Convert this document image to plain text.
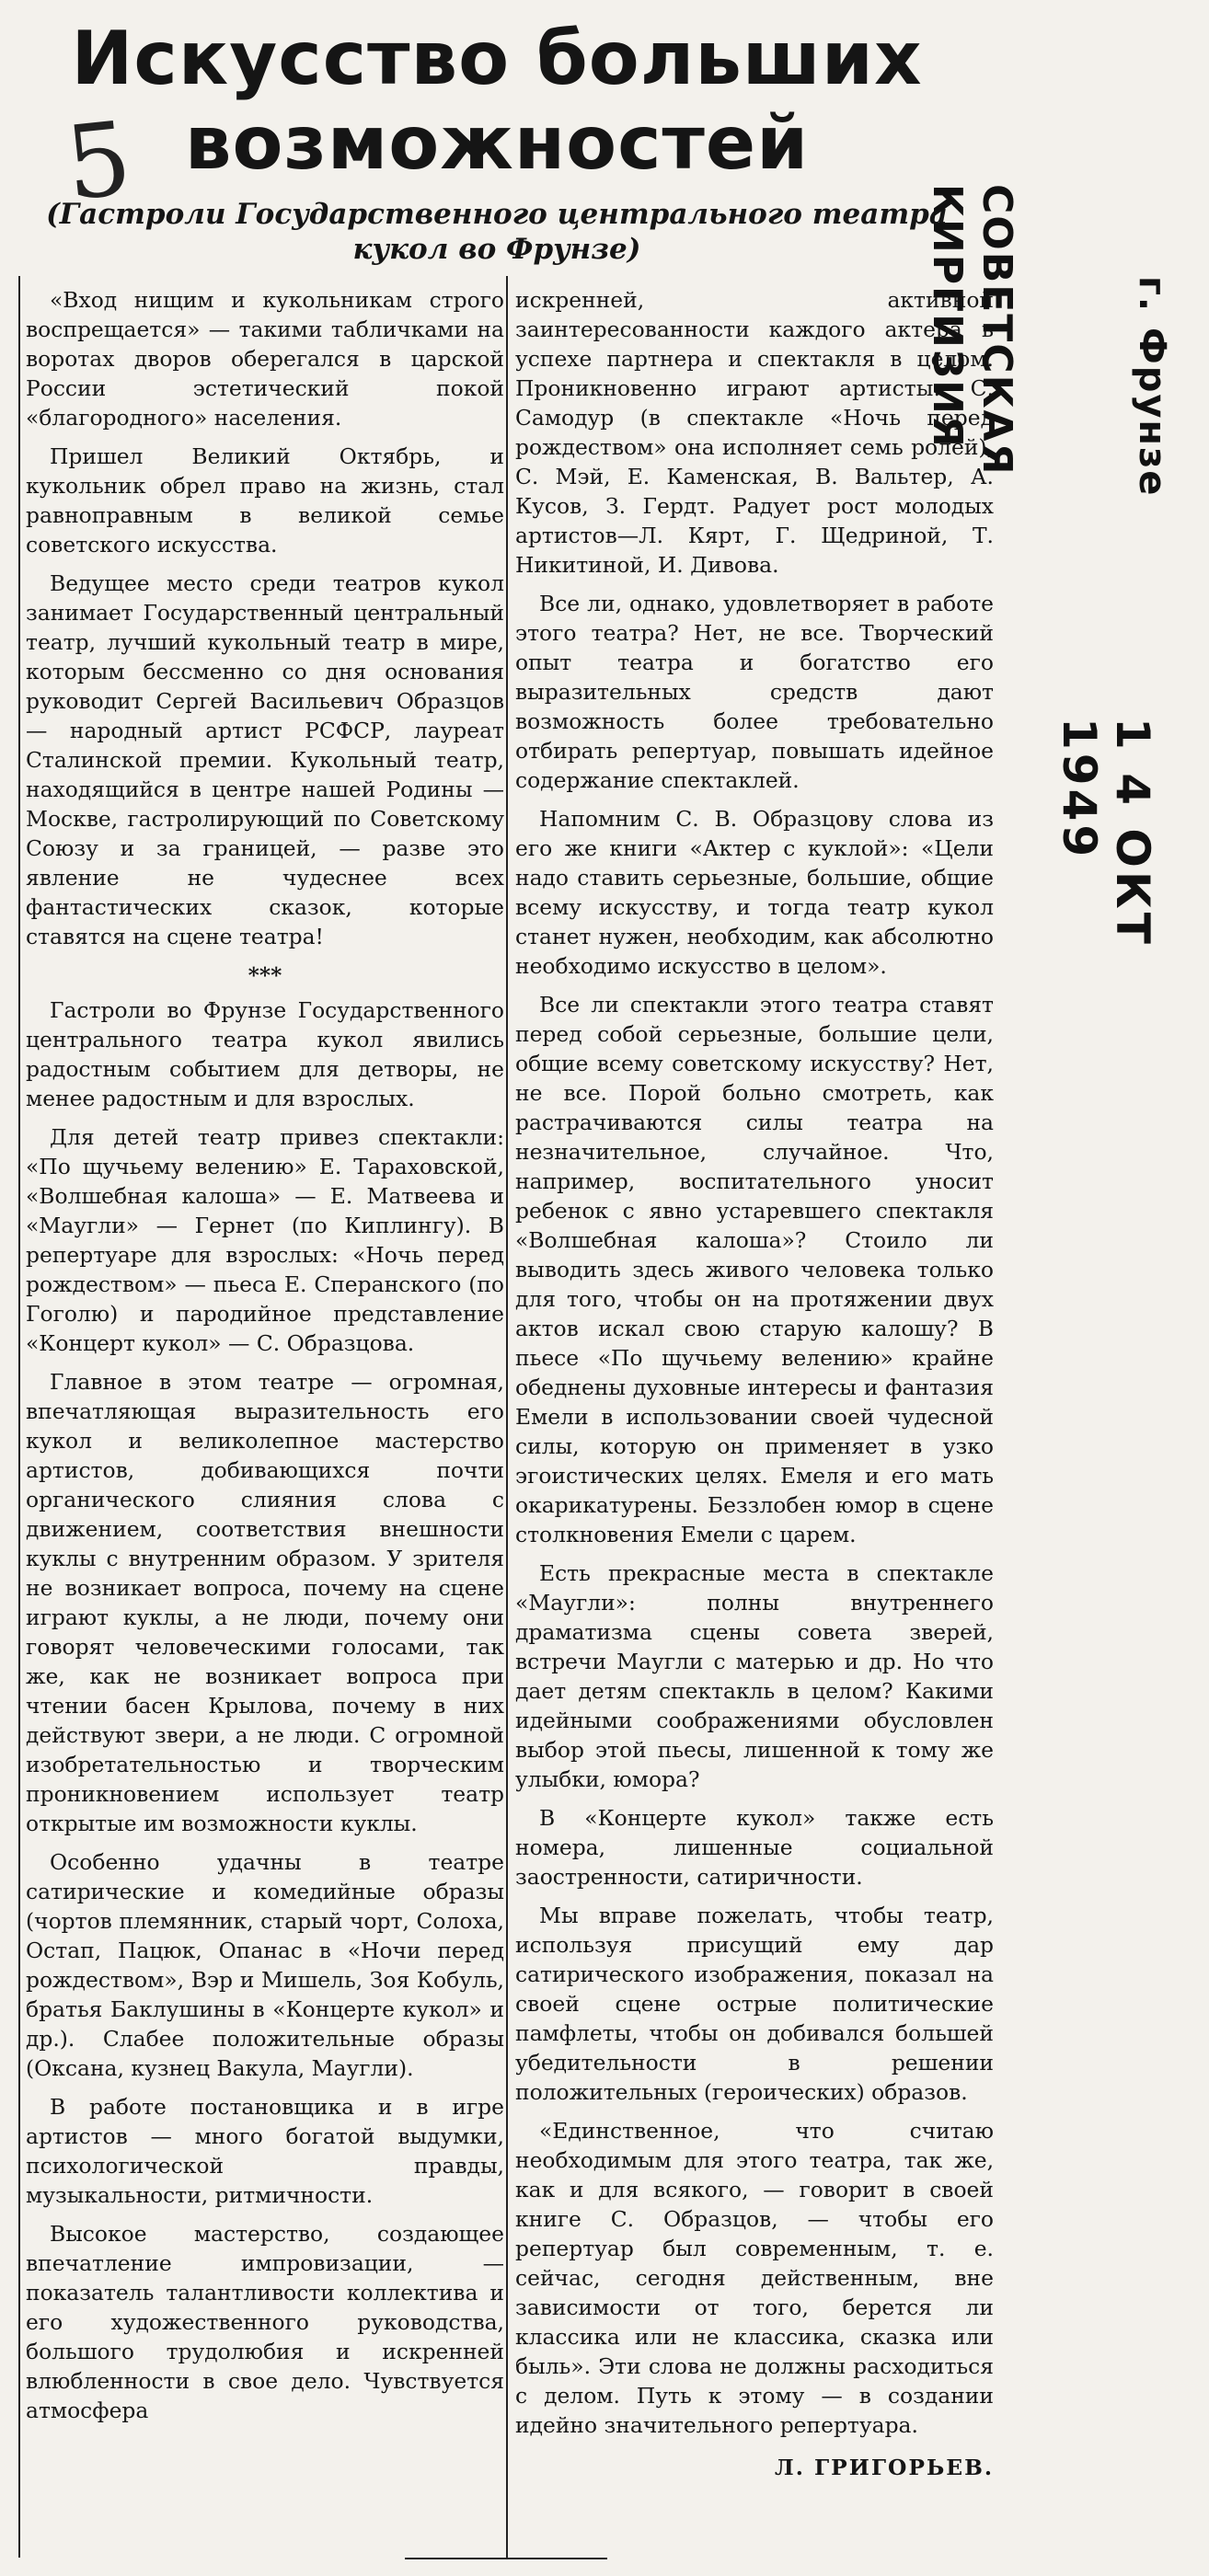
5
Искусство больших возможностей
(Гастроли Государственного центрального театра кукол во Фрунзе)

«Вход нищим и кукольникам строго воспрещается» — такими табличками на воротах дворов оберегался в царской России эстетический покой «благородного» населения.

Пришел Великий Октябрь, и кукольник обрел право на жизнь, стал равноправным в великой семье советского искусства.

Ведущее место среди театров кукол занимает Государственный центральный театр, лучший кукольный театр в мире, которым бессменно со дня основания руководит Сергей Васильевич Образцов — народный артист РСФСР, лауреат Сталинской премии. Кукольный театр, находящийся в центре нашей Родины — Москве, гастролирующий по Советскому Союзу и за границей, — разве это явление не чудеснее всех фантастических сказок, которые ставятся на сцене театра!

***

Гастроли во Фрунзе Государственного центрального театра кукол явились радостным событием для детворы, не менее радостным и для взрослых.

Для детей театр привез спектакли: «По щучьему велению» Е. Тараховской, «Волшебная калоша» — Е. Матвеева и «Маугли» — Гернет (по Киплингу). В репертуаре для взрослых: «Ночь перед рождеством» — пьеса Е. Сперанского (по Гоголю) и пародийное представление «Концерт кукол» — С. Образцова.

Главное в этом театре — огромная, впечатляющая выразительность его кукол и великолепное мастерство артистов, добивающихся почти органического слияния слова с движением, соответствия внешности куклы с внутренним образом. У зрителя не возникает вопроса, почему на сцене играют куклы, а не люди, почему они говорят человеческими голосами, так же, как не возникает вопроса при чтении басен Крылова, почему в них действуют звери, а не люди. С огромной изобретательностью и творческим проникновением использует театр открытые им возможности куклы.

Особенно удачны в театре сатирические и комедийные образы (чортов племянник, старый чорт, Солоха, Остап, Пацюк, Опанас в «Ночи перед рождеством», Вэр и Мишель, Зоя Кобуль, братья Баклушины в «Концерте кукол» и др.). Слабее положительные образы (Оксана, кузнец Вакула, Маугли).

В работе постановщика и в игре артистов — много богатой выдумки, психологической правды, музыкальности, ритмичности.

Высокое мастерство, создающее впечатление импровизации, — показатель талантливости коллектива и его художественного руководства, большого трудолюбия и искренней влюбленности в свое дело. Чувствуется атмосфера

искренней, активной заинтересованности каждого актера в успехе партнера и спектакля в целом. Проникновенно играют артисты: С. Самодур (в спектакле «Ночь перед рождеством» она исполняет семь ролей), С. Мэй, Е. Каменская, В. Вальтер, А. Кусов, З. Гердт. Радует рост молодых артистов—Л. Кярт, Г. Щедриной, Т. Никитиной, И. Дивова.

Все ли, однако, удовлетворяет в работе этого театра? Нет, не все. Творческий опыт театра и богатство его выразительных средств дают возможность более требовательно отбирать репертуар, повышать идейное содержание спектаклей.

Напомним С. В. Образцову слова из его же книги «Актер с куклой»: «Цели надо ставить серьезные, большие, общие всему искусству, и тогда театр кукол станет нужен, необходим, как абсолютно необходимо искусство в целом».

Все ли спектакли этого театра ставят перед собой серьезные, большие цели, общие всему советскому искусству? Нет, не все. Порой больно смотреть, как растрачиваются силы театра на незначительное, случайное. Что, например, воспитательного уносит ребенок с явно устаревшего спектакля «Волшебная калоша»? Стоило ли выводить здесь живого человека только для того, чтобы он на протяжении двух актов искал свою старую калошу? В пьесе «По щучьему велению» крайне обеднены духовные интересы и фантазия Емели в использовании своей чудесной силы, которую он применяет в узко эгоистических целях. Емеля и его мать окарикатурены. Беззлобен юмор в сцене столкновения Емели с царем.

Есть прекрасные места в спектакле «Маугли»: полны внутреннего драматизма сцены совета зверей, встречи Маугли с матерью и др. Но что дает детям спектакль в целом? Какими идейными соображениями обусловлен выбор этой пьесы, лишенной к тому же улыбки, юмора?

В «Концерте кукол» также есть номера, лишенные социальной заостренности, сатиричности.

Мы вправе пожелать, чтобы театр, используя присущий ему дар сатирического изображения, показал на своей сцене острые политические памфлеты, чтобы он добивался большей убедительности в решении положительных (героических) образов.

«Единственное, что считаю необходимым для этого театра, так же, как и для всякого, — говорит в своей книге С. Образцов, — чтобы его репертуар был современным, т. е. сейчас, сегодня действенным, вне зависимости от того, берется ли классика или не классика, сказка или быль». Эти слова не должны расходиться с делом. Путь к этому — в создании идейно значительного репертуара.

Л. ГРИГОРЬЕВ.

СОВЕТСКАЯ КИРГИЗИЯ	г. Фрунзе
1 4 ОКТ 1949
